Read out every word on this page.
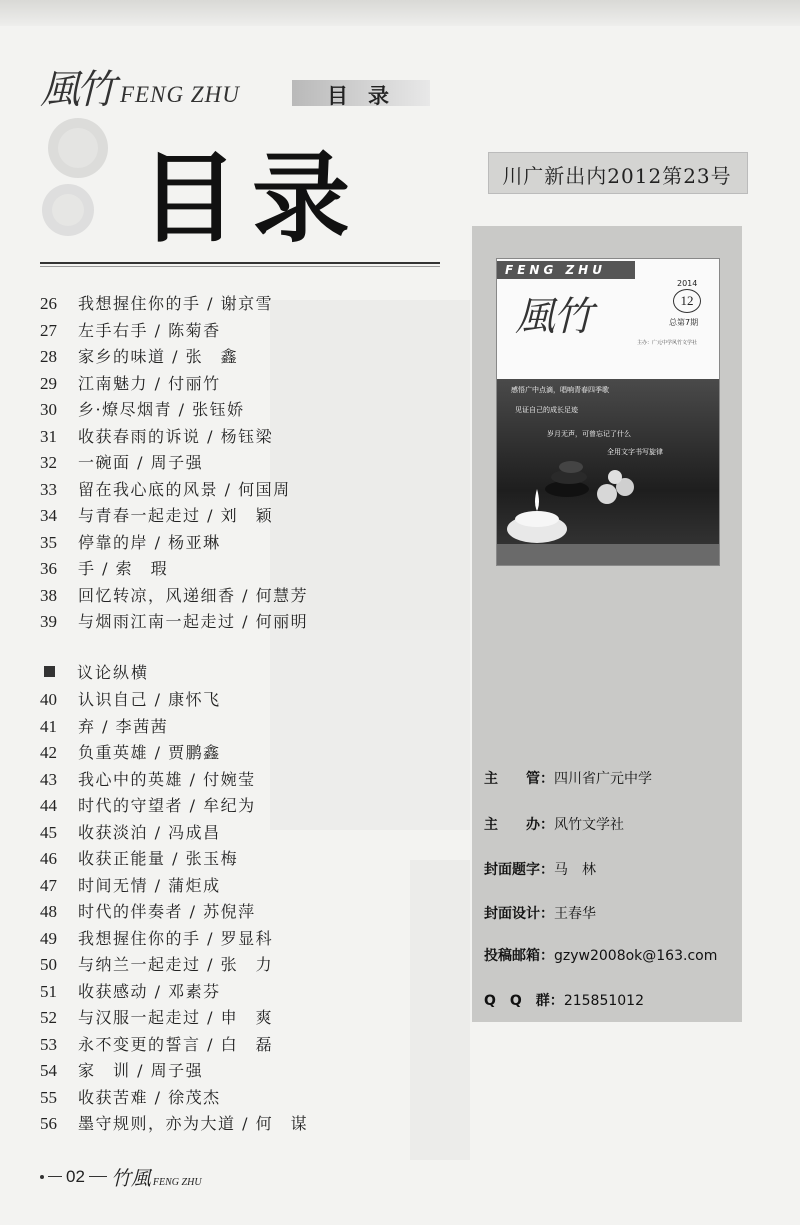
風竹 FENG ZHU	目录
目录
26	我想握住你的手 / 谢京雪
27	左手右手 / 陈菊香
28	家乡的味道 / 张　鑫
29	江南魅力 / 付丽竹
30	乡·燎尽烟青 / 张钰娇
31	收获春雨的诉说 / 杨钰梁
32	一碗面 / 周子强
33	留在我心底的风景 / 何国周
34	与青春一起走过 / 刘　颖
35	停靠的岸 / 杨亚琳
36	手 / 索　瑕
38	回忆转凉，风递细香 / 何慧芳
39	与烟雨江南一起走过 / 何丽明
议论纵横
40	认识自己 / 康怀飞
41	弃 / 李茜茜
42	负重英雄 / 贾鹏鑫
43	我心中的英雄 / 付婉莹
44	时代的守望者 / 牟纪为
45	收获淡泊 / 冯成昌
46	收获正能量 / 张玉梅
47	时间无情 / 蒲炬成
48	时代的伴奏者 / 苏倪萍
49	我想握住你的手 / 罗显科
50	与纳兰一起走过 / 张　力
51	收获感动 / 邓素芬
52	与汉服一起走过 / 申　爽
53	永不变更的誓言 / 白　磊
54	家　训 / 周子强
55	收获苦难 / 徐茂杰
56	墨守规则，亦为大道 / 何　谋
川广新出内2012第23号
FENG ZHU
風竹
2014
12
总第7期
主办：广元中学风竹文学社
感悟广中点滴，唱响青春四季歌
见证自己的成长足迹
岁月无声，可曾忘记了什么
全用文字书写旋律
主　　管：四川省广元中学
主　　办：风竹文学社
封面题字：马　林
封面设计：王春华
投稿邮箱：gzyw2008ok@163.com
Q　Q　群：215851012
02 竹風 FENG ZHU
